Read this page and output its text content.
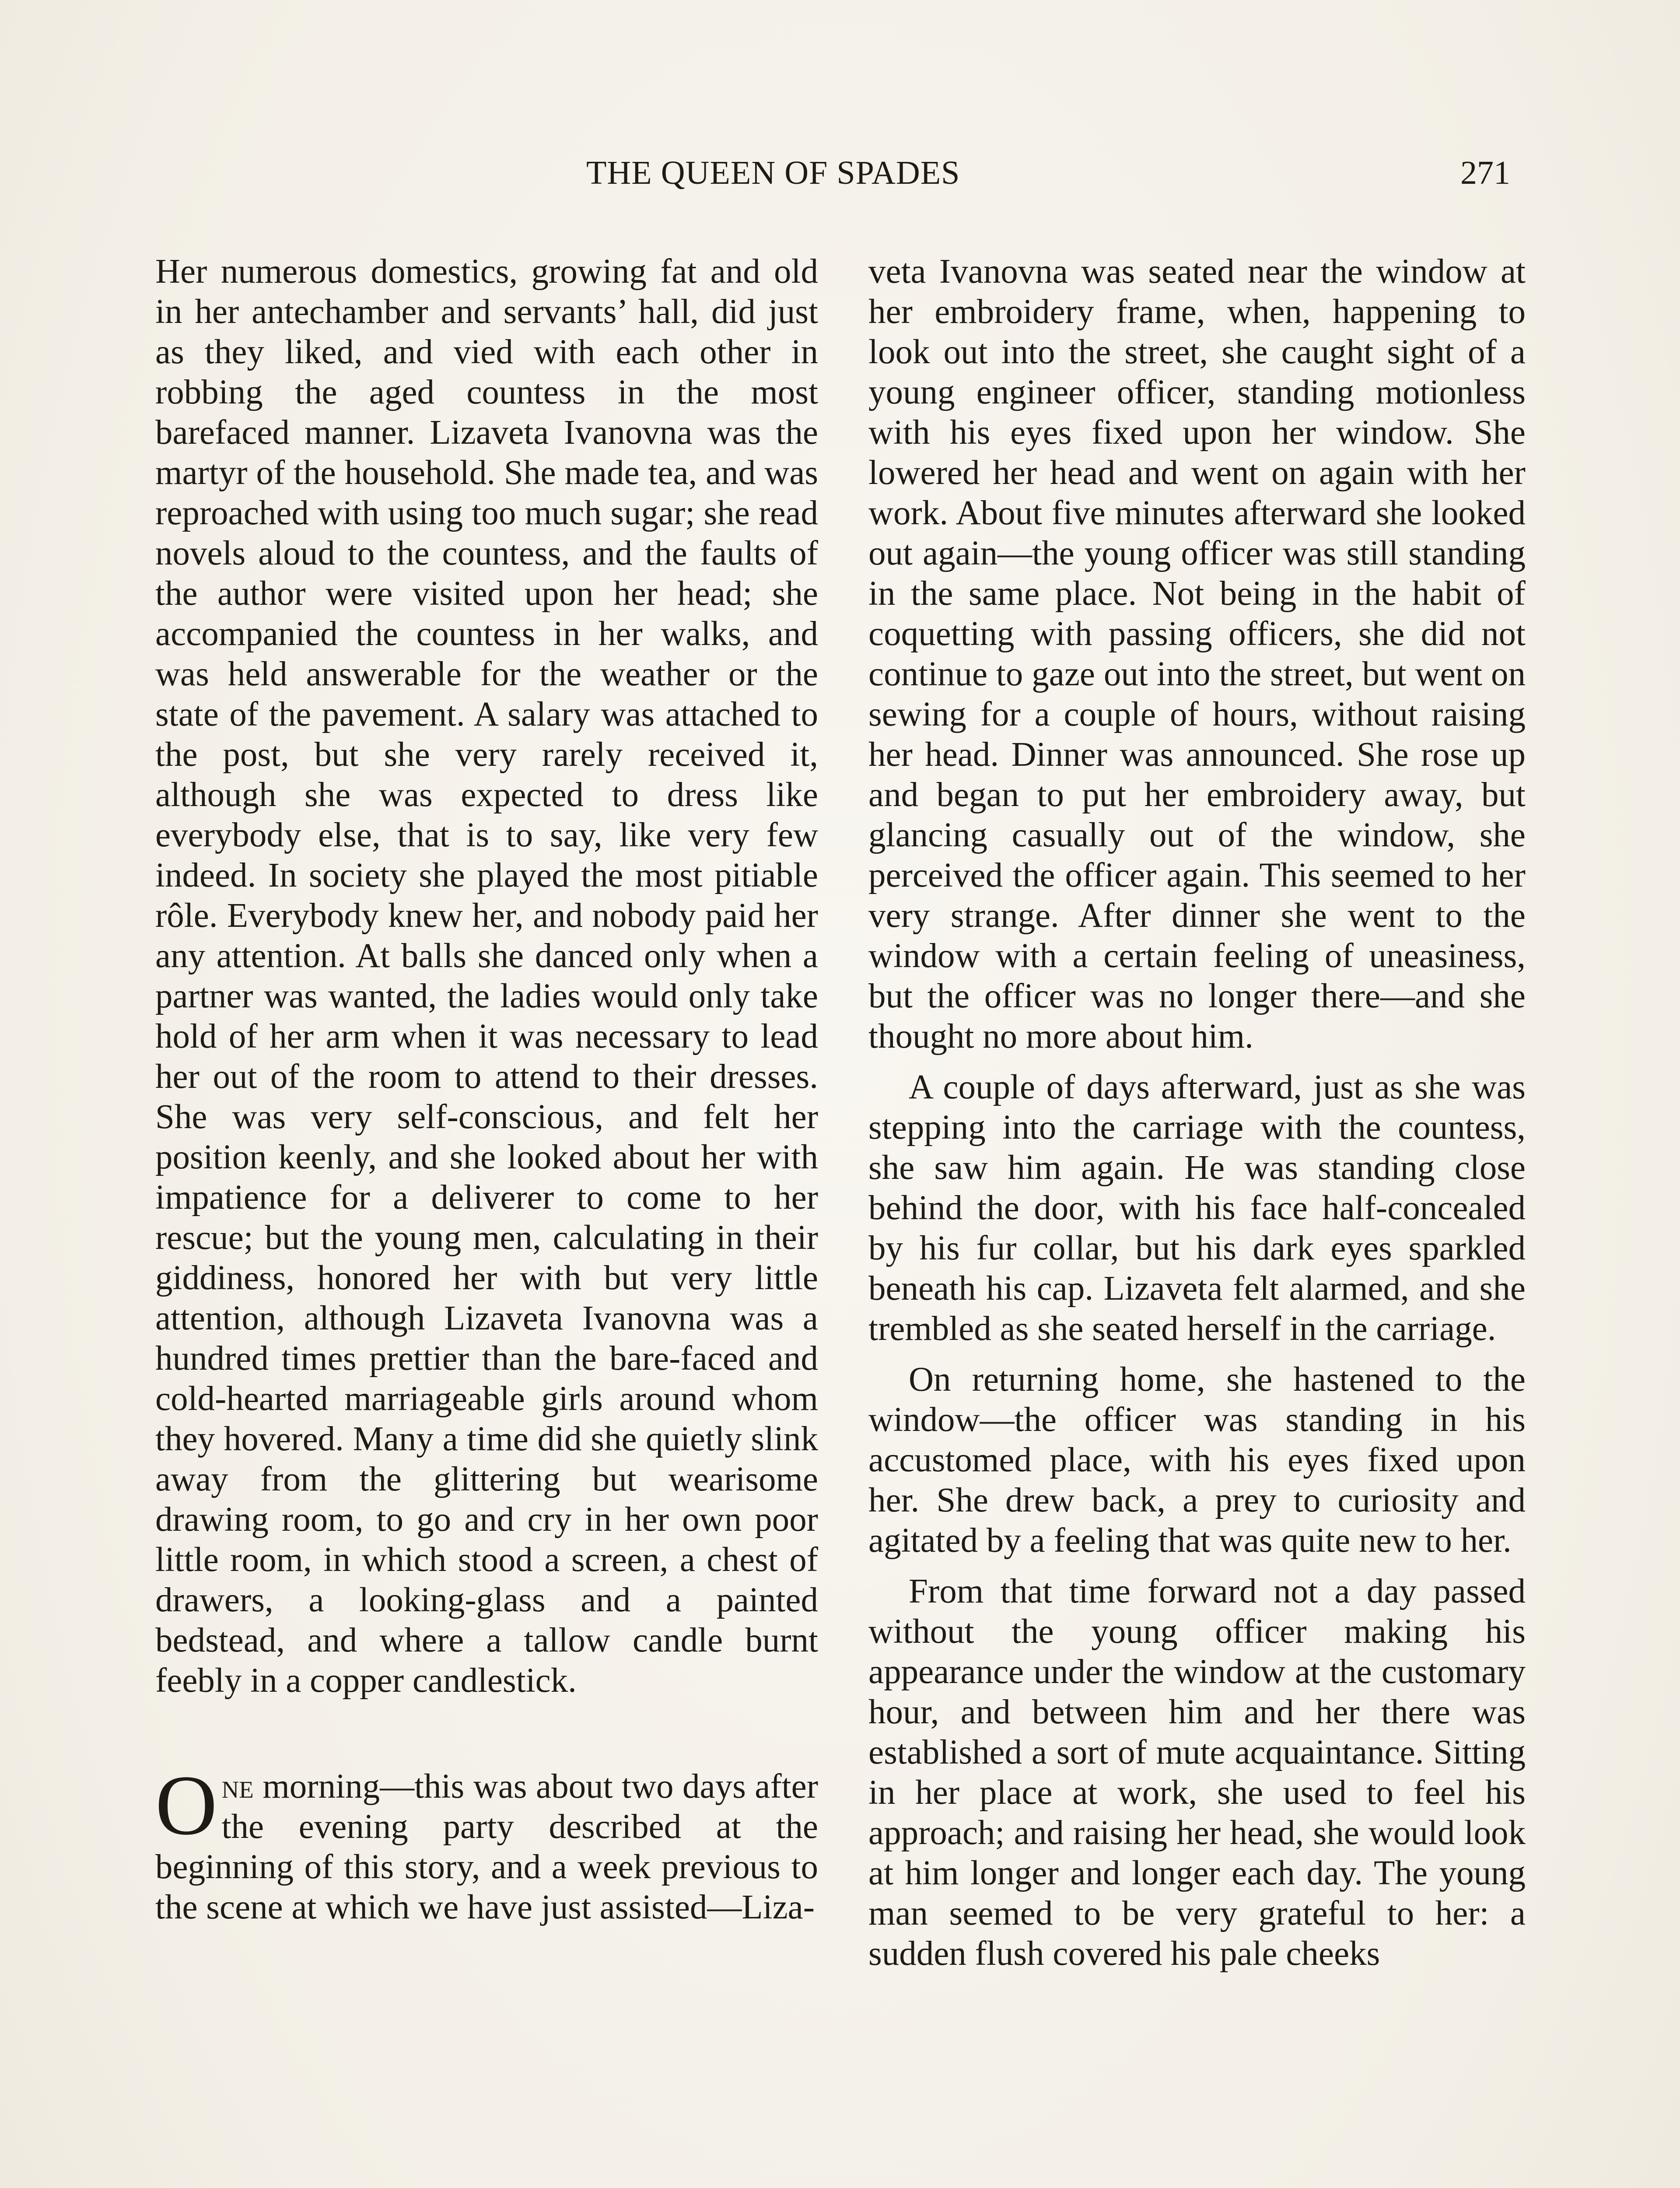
THE QUEEN OF SPADES	271

Her numerous domestics, growing fat and old in her antechamber and servants’ hall, did just as they liked, and vied with each other in robbing the aged countess in the most barefaced manner. Lizaveta Ivanovna was the martyr of the household. She made tea, and was reproached with using too much sugar; she read novels aloud to the countess, and the faults of the author were visited upon her head; she accompanied the countess in her walks, and was held answerable for the weather or the state of the pavement. A salary was attached to the post, but she very rarely received it, although she was expected to dress like everybody else, that is to say, like very few indeed. In society she played the most pitiable rôle. Everybody knew her, and nobody paid her any attention. At balls she danced only when a partner was wanted, the ladies would only take hold of her arm when it was necessary to lead her out of the room to attend to their dresses. She was very self-conscious, and felt her position keenly, and she looked about her with impatience for a deliverer to come to her rescue; but the young men, calculating in their giddiness, honored her with but very little attention, although Lizaveta Ivanovna was a hundred times prettier than the bare-faced and cold-hearted marriageable girls around whom they hovered. Many a time did she quietly slink away from the glittering but wearisome drawing room, to go and cry in her own poor little room, in which stood a screen, a chest of drawers, a looking-glass and a painted bedstead, and where a tallow candle burnt feebly in a copper candlestick.

One morning—this was about two days after the evening party described at the beginning of this story, and a week previous to the scene at which we have just assisted—Liza-

veta Ivanovna was seated near the window at her embroidery frame, when, happening to look out into the street, she caught sight of a young engineer officer, standing motionless with his eyes fixed upon her window. She lowered her head and went on again with her work. About five minutes afterward she looked out again—the young officer was still standing in the same place. Not being in the habit of coquetting with passing officers, she did not continue to gaze out into the street, but went on sewing for a couple of hours, without raising her head. Dinner was announced. She rose up and began to put her embroidery away, but glancing casually out of the window, she perceived the officer again. This seemed to her very strange. After dinner she went to the window with a certain feeling of uneasiness, but the officer was no longer there—and she thought no more about him.

A couple of days afterward, just as she was stepping into the carriage with the countess, she saw him again. He was standing close behind the door, with his face half-concealed by his fur collar, but his dark eyes sparkled beneath his cap. Lizaveta felt alarmed, and she trembled as she seated herself in the carriage.

On returning home, she hastened to the window—the officer was standing in his accustomed place, with his eyes fixed upon her. She drew back, a prey to curiosity and agitated by a feeling that was quite new to her.

From that time forward not a day passed without the young officer making his appearance under the window at the customary hour, and between him and her there was established a sort of mute acquaintance. Sitting in her place at work, she used to feel his approach; and raising her head, she would look at him longer and longer each day. The young man seemed to be very grateful to her: a sudden flush covered his pale cheeks
